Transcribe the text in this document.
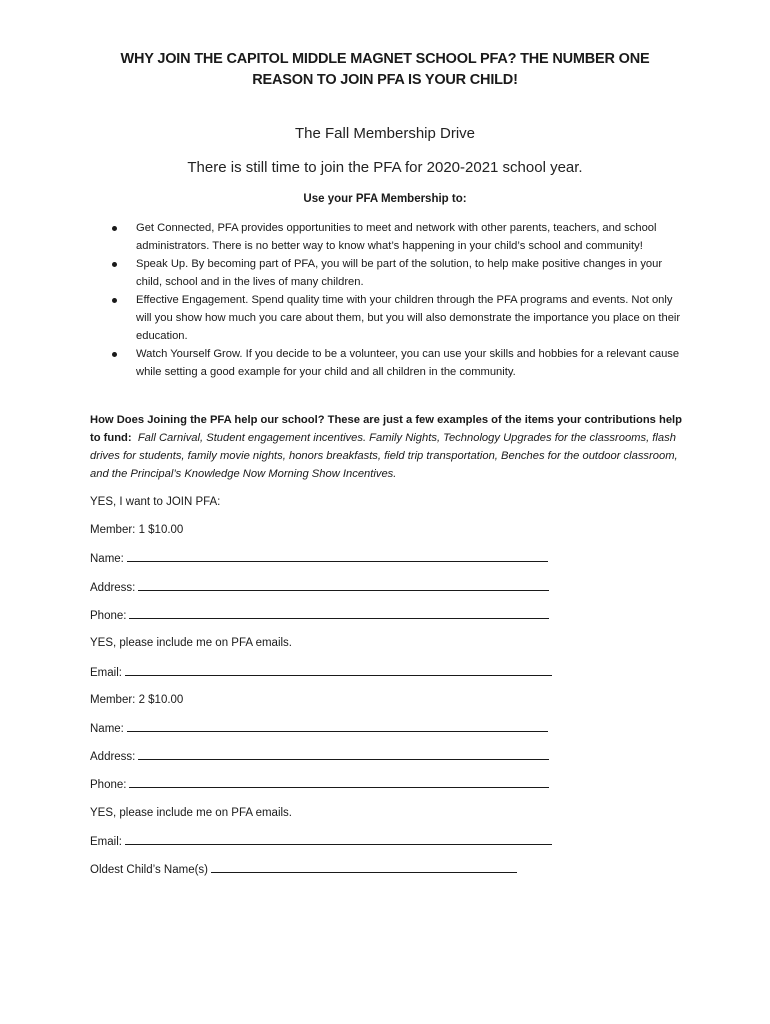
WHY JOIN THE CAPITOL MIDDLE MAGNET SCHOOL PFA? THE NUMBER ONE
REASON TO JOIN PFA IS YOUR CHILD!
The Fall Membership Drive
There is still time to join the PFA for 2020-2021 school year.
Use your PFA Membership to:
Get Connected, PFA provides opportunities to meet and network with other parents, teachers, and school administrators. There is no better way to know what’s happening in your child’s school and community!
Speak Up. By becoming part of PFA, you will be part of the solution, to help make positive changes in your child, school and in the lives of many children.
Effective Engagement. Spend quality time with your children through the PFA programs and events. Not only will you show how much you care about them, but you will also demonstrate the importance you place on their education.
Watch Yourself Grow. If you decide to be a volunteer, you can use your skills and hobbies for a relevant cause while setting a good example for your child and all children in the community.
How Does Joining the PFA help our school? These are just a few examples of the items your contributions help to fund: Fall Carnival, Student engagement incentives. Family Nights, Technology Upgrades for the classrooms, flash drives for students, family movie nights, honors breakfasts, field trip transportation, Benches for the outdoor classroom, and the Principal’s Knowledge Now Morning Show Incentives.
YES, I want to JOIN PFA:
Member: 1 $10.00
Name:
Address:
Phone:
YES, please include me on PFA emails.
Email:
Member: 2 $10.00
Name:
Address:
Phone:
YES, please include me on PFA emails.
Email:
Oldest Child’s Name(s)
